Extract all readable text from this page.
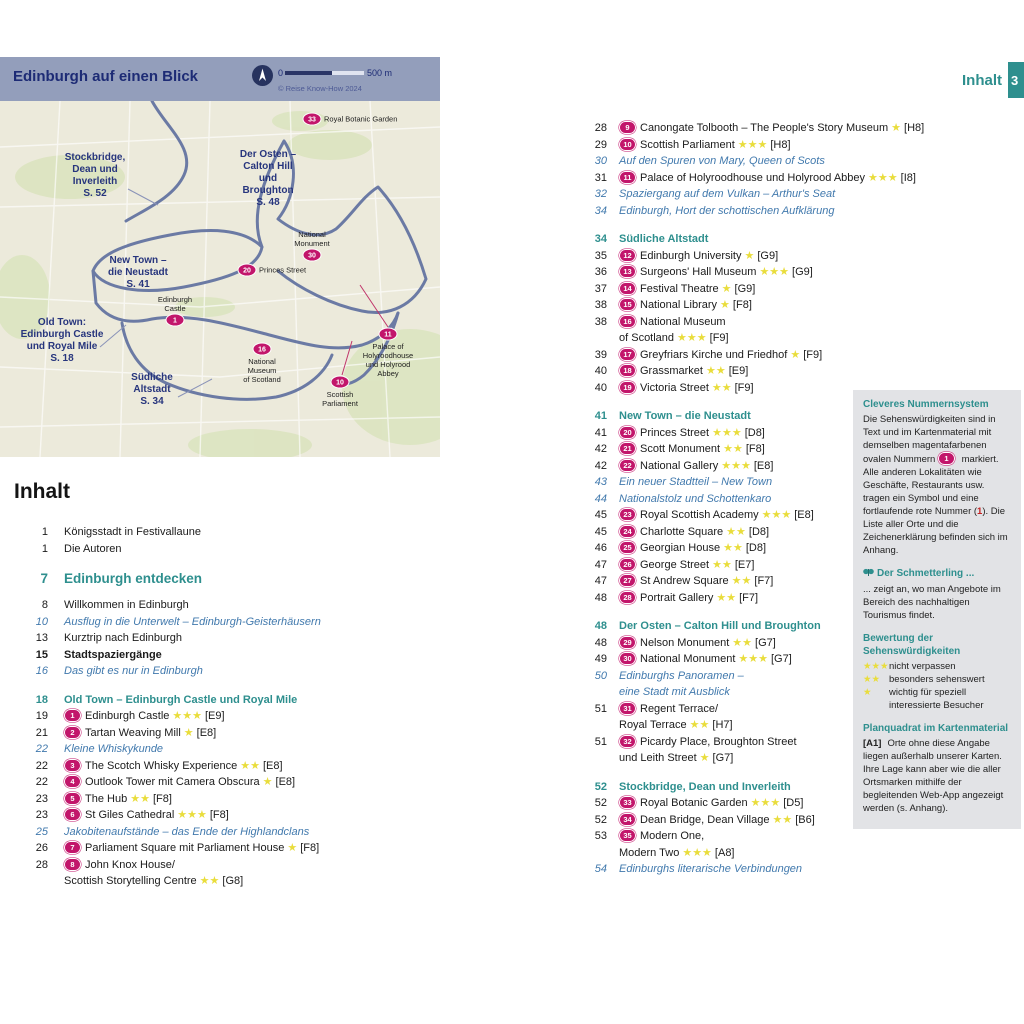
Inhalt 3
Edinburgh auf einen Blick	0	500 m
© Reise Know-How 2024
Stockbridge, Dean und Inverleith S. 52
Der Osten – Calton Hill und Broughton S. 48
New Town – die Neustadt S. 41
Old Town: Edinburgh Castle und Royal Mile S. 18
Südliche Altstadt S. 34
33 Royal Botanic Garden
20 Princes Street
30
National Monument
1
Edinburgh Castle
16
National Museum of Scotland	10
Scottish Parliament
11
Palace of Holyroodhouse und Holyrood Abbey
Inhalt
1 Königsstadt in Festivallaune
1 Die Autoren
7 Edinburgh entdecken
8 Willkommen in Edinburgh
10 Ausflug in die Unterwelt – Edinburgh-Geisterhäusern
13 Kurztrip nach Edinburgh
15 Stadtspaziergänge
16 Das gibt es nur in Edinburgh
18 Old Town – Edinburgh Castle und Royal Mile
19	1 Edinburgh Castle ★★★ [E9]
21	2 Tartan Weaving Mill ★ [E8]
22 Kleine Whiskykunde
22	3 The Scotch Whisky Experience ★★ [E8]
22	4 Outlook Tower mit Camera Obscura ★ [E8]
23	5 The Hub ★★ [F8]
23	6 St Giles Cathedral ★★★ [F8]
25 Jakobitenaufstände – das Ende der Highlandclans
26	7 Parliament Square mit Parliament House ★ [F8]
28	8 John Knox House/
Scottish Storytelling Centre ★★ [G8]
28	9 Canongate Tolbooth – The People's Story Museum ★ [H8]
29	10 Scottish Parliament ★★★ [H8]
30 Auf den Spuren von Mary, Queen of Scots
31	11 Palace of Holyroodhouse und Holyrood Abbey ★★★ [I8]
32 Spaziergang auf dem Vulkan – Arthur's Seat
34 Edinburgh, Hort der schottischen Aufklärung
34 Südliche Altstadt
35	12 Edinburgh University ★ [G9]
36	13 Surgeons' Hall Museum ★★★ [G9]
37	14 Festival Theatre ★ [G9]
38	15 National Library ★ [F8]
38	16 National Museum
of Scotland ★★★ [F9]
39	17 Greyfriars Kirche und Friedhof ★ [F9]
40	18 Grassmarket ★★ [E9]
40	19 Victoria Street ★★ [F9]
41 New Town – die Neustadt
41	20 Princes Street ★★★ [D8]
42	21 Scott Monument ★★ [F8]
42	22 National Gallery ★★★ [E8]
43 Ein neuer Stadtteil – New Town
44 Nationalstolz und Schottenkaro
45	23 Royal Scottish Academy ★★★ [E8]
45	24 Charlotte Square ★★ [D8]
46	25 Georgian House ★★ [D8]
47	26 George Street ★★ [E7]
47	27 St Andrew Square ★★ [F7]
48	28 Portrait Gallery ★★ [F7]
48 Der Osten – Calton Hill und Broughton
48	29 Nelson Monument ★★ [G7]
49	30 National Monument ★★★ [G7]
50 Edinburghs Panoramen –
eine Stadt mit Ausblick
51	31 Regent Terrace/
Royal Terrace ★★ [H7]
51	32 Picardy Place, Broughton Street
und Leith Street ★ [G7]
52 Stockbridge, Dean und Inverleith
52	33 Royal Botanic Garden ★★★ [D5]
52	34 Dean Bridge, Dean Village ★★ [B6]
53	35 Modern One,
Modern Two ★★★ [A8]
54 Edinburghs literarische Verbindungen
Cleveres Nummernsystem

Die Sehenswürdigkeiten sind in Text und im Kartenmaterial mit demselben magentafarbenen ovalen Nummern 1 markiert. Alle anderen Lokalitäten wie Geschäfte, Restaurants usw. tragen ein Symbol und eine fortlaufende rote Nummer (1). Die Liste aller Orte und die Zeichenerklärung befinden sich im Anhang.

Der Schmetterling ...

... zeigt an, wo man Angebote im Bereich des nachhaltigen Tourismus findet.

Bewertung der Sehenswürdigkeiten
★★★ nicht verpassen
★★ besonders sehenswert
★	wichtig für speziell interessierte Besucher
Planquadrat im Kartenmaterial

[A1] Orte ohne diese Angabe liegen außerhalb unserer Karten. Ihre Lage kann aber wie die aller Ortsmarken mithilfe der begleitenden Web-App angezeigt werden (s. Anhang).
